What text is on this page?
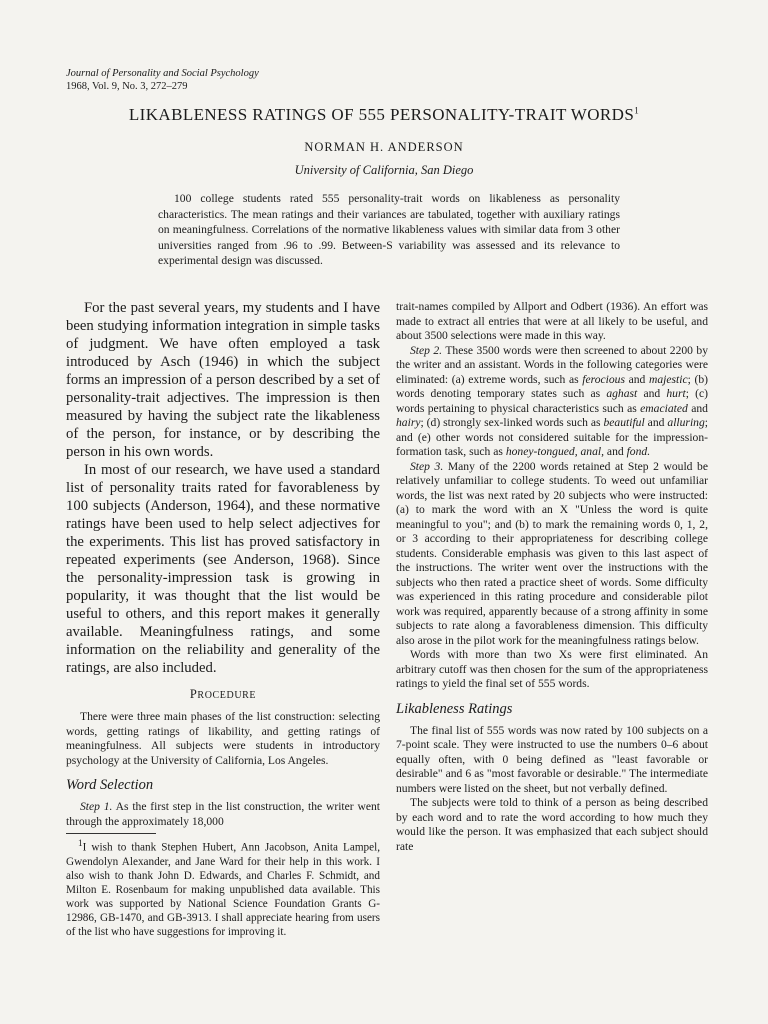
Journal of Personality and Social Psychology
1968, Vol. 9, No. 3, 272–279
LIKABLENESS RATINGS OF 555 PERSONALITY-TRAIT WORDS$^1$
NORMAN H. ANDERSON
University of California, San Diego

100 college students rated 555 personality-trait words on likableness as personality characteristics. The mean ratings and their variances are tabulated, together with auxiliary ratings on meaningfulness. Correlations of the normative likableness values with similar data from 3 other universities ranged from .96 to .99. Between-S variability was assessed and its relevance to experimental design was discussed.

For the past several years, my students and I have been studying information integration in simple tasks of judgment. We have often employed a task introduced by Asch (1946) in which the subject forms an impression of a person described by a set of personality-trait adjectives. The impression is then measured by having the subject rate the likableness of the person, for instance, or by describing the person in his own words.

In most of our research, we have used a standard list of personality traits rated for favorableness by 100 subjects (Anderson, 1964), and these normative ratings have been used to help select adjectives for the experiments. This list has proved satisfactory in repeated experiments (see Anderson, 1968). Since the personality-impression task is growing in popularity, it was thought that the list would be useful to others, and this report makes it generally available. Meaningfulness ratings, and some information on the reliability and generality of the ratings, are also included.

PROCEDURE

There were three main phases of the list construction: selecting words, getting ratings of likability, and getting ratings of meaningfulness. All subjects were students in introductory psychology at the University of California, Los Angeles.

Word Selection

Step 1. As the first step in the list construction, the writer went through the approximately 18,000

$^1$I wish to thank Stephen Hubert, Ann Jacobson, Anita Lampel, Gwendolyn Alexander, and Jane Ward for their help in this work. I also wish to thank John D. Edwards, and Charles F. Schmidt, and Milton E. Rosenbaum for making unpublished data available. This work was supported by National Science Foundation Grants G-12986, GB-1470, and GB-3913. I shall appreciate hearing from users of the list who have suggestions for improving it.

trait-names compiled by Allport and Odbert (1936). An effort was made to extract all entries that were at all likely to be useful, and about 3500 selections were made in this way.

Step 2. These 3500 words were then screened to about 2200 by the writer and an assistant. Words in the following categories were eliminated: (a) extreme words, such as ferocious and majestic; (b) words denoting temporary states such as aghast and hurt; (c) words pertaining to physical characteristics such as emaciated and hairy; (d) strongly sex-linked words such as beautiful and alluring; and (e) other words not considered suitable for the impression-formation task, such as honey-tongued, anal, and fond.

Step 3. Many of the 2200 words retained at Step 2 would be relatively unfamiliar to college students. To weed out unfamiliar words, the list was next rated by 20 subjects who were instructed: (a) to mark the word with an X "Unless the word is quite meaningful to you"; and (b) to mark the remaining words 0, 1, 2, or 3 according to their appropriateness for describing college students. Considerable emphasis was given to this last aspect of the instructions. The writer went over the instructions with the subjects who then rated a practice sheet of words. Some difficulty was experienced in this rating procedure and considerable pilot work was required, apparently because of a strong affinity in some subjects to rate along a favorableness dimension. This difficulty also arose in the pilot work for the meaningfulness ratings below.

Words with more than two Xs were first eliminated. An arbitrary cutoff was then chosen for the sum of the appropriateness ratings to yield the final set of 555 words.

Likableness Ratings

The final list of 555 words was now rated by 100 subjects on a 7-point scale. They were instructed to use the numbers 0–6 about equally often, with 0 being defined as "least favorable or desirable" and 6 as "most favorable or desirable." The intermediate numbers were listed on the sheet, but not verbally defined.

The subjects were told to think of a person as being described by each word and to rate the word according to how much they would like the person. It was emphasized that each subject should rate
